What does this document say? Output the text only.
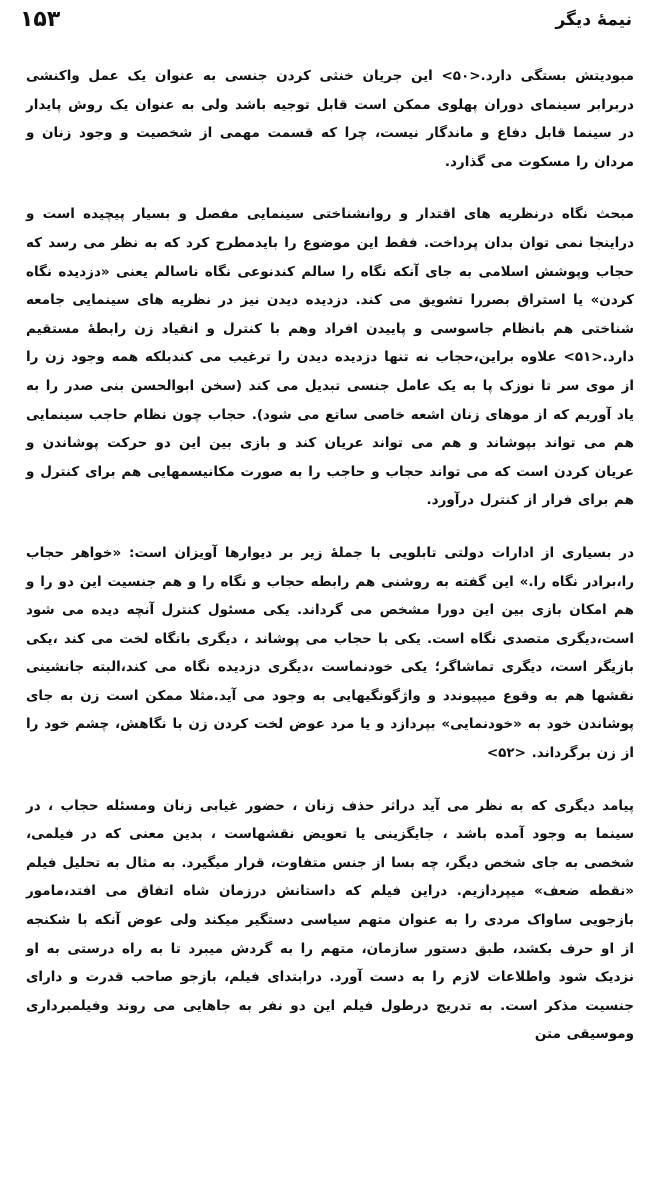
۱۵۳	نیمهٔ دیگر

مبودیتش بستگی دارد.<۵۰> این جریان خنثی کردن جنسی به عنوان یک عمل واکنشی دربرابر سینمای دوران پهلوی ممکن است قابل توجیه باشد ولی به عنوان یک روش پایدار در سینما قابل دفاع و ماندگار نیست، چرا که قسمت مهمی از شخصیت و وجود زنان و مردان را مسکوت می گذارد.

مبحث نگاه درنظریه های اقتدار و روانشناختی سینمایی مفصل و بسیار پیچیده است و دراینجا نمی توان بدان پرداخت. فقط این موضوع را بایدمطرح کرد که به نظر می رسد که حجاب وپوشش اسلامی به جای آنکه نگاه را سالم کندنوعی نگاه ناسالم یعنی «دزدیده نگاه کردن» یا استراق بصررا تشویق می کند. دزدیده دیدن نیز در نظریه های سینمایی جامعه شناختی هم بانظام جاسوسی و پاییدن افراد وهم با کنترل و انقیاد زن رابطهٔ مستقیم دارد.<۵۱> علاوه براین،حجاب نه تنها دزدیده دیدن را ترغیب می کندبلکه همه وجود زن را از موی سر تا نوزک پا به یک عامل جنسی تبدیل می کند (سخن ابوالحسن بنی صدر را به یاد آوریم که از موهای زنان اشعه خاصی ساتع می شود). حجاب چون نظام حاجب سینمایی هم می تواند بپوشاند و هم می تواند عریان کند و بازی بین این دو حرکت پوشاندن و عریان کردن است که می تواند حجاب و حاجب را به صورت مکانیسمهایی هم برای کنترل و هم برای فرار از کنترل درآورد.

در بسیاری از ادارات دولتی تابلویی با جملهٔ زیر بر دیوارها آویزان است: «خواهر حجاب را،برادر نگاه را.» این گفته به روشنی هم رابطه حجاب و نگاه را و هم جنسیت این دو را و هم امکان بازی بین این دورا مشخص می گرداند. یکی مسئول کنترل آنچه دیده می شود است،دیگری متصدی نگاه است. یکی با حجاب می پوشاند ، دیگری بانگاه لخت می کند ،یکی بازیگر است، دیگری تماشاگر؛ یکی خودنماست ،دیگری دزدیده نگاه می کند،البته جانشینی نقشها هم به وقوع میپیوندد و واژگونگیهایی به وجود می آید.مثلا ممکن است زن به جای پوشاندن خود به «خودنمایی» بپردازد و یا مرد عوض لخت کردن زن با نگاهش، چشم خود را از زن برگرداند. <۵۲>

پیامد دیگری که به نظر می آید دراثر حذف زنان ، حضور غیابی زنان ومسئله حجاب ، در سینما به وجود آمده باشد ، جایگزینی یا تعویض نقشهاست ، بدین معنی که در فیلمی، شخصی به جای شخص دیگر، چه بسا از جنس متفاوت، قرار میگیرد. به مثال به تحلیل فیلم «نقطه ضعف» میپردازیم. دراین فیلم که داستانش درزمان شاه اتفاق می افتد،مامور بازجویی ساواک مردی را به عنوان متهم سیاسی دستگیر میکند ولی عوض آنکه با شکنجه از او حرف بکشد، طبق دستور سازمان، متهم را به گردش میبرد تا به راه درستی به او نزدیک شود واطلاعات لازم را به دست آورد. درابتدای فیلم، بازجو صاحب قدرت و دارای جنسیت مذکر است. به تدریج درطول فیلم این دو نفر به جاهایی می روند وفیلمبرداری وموسیقی متن
